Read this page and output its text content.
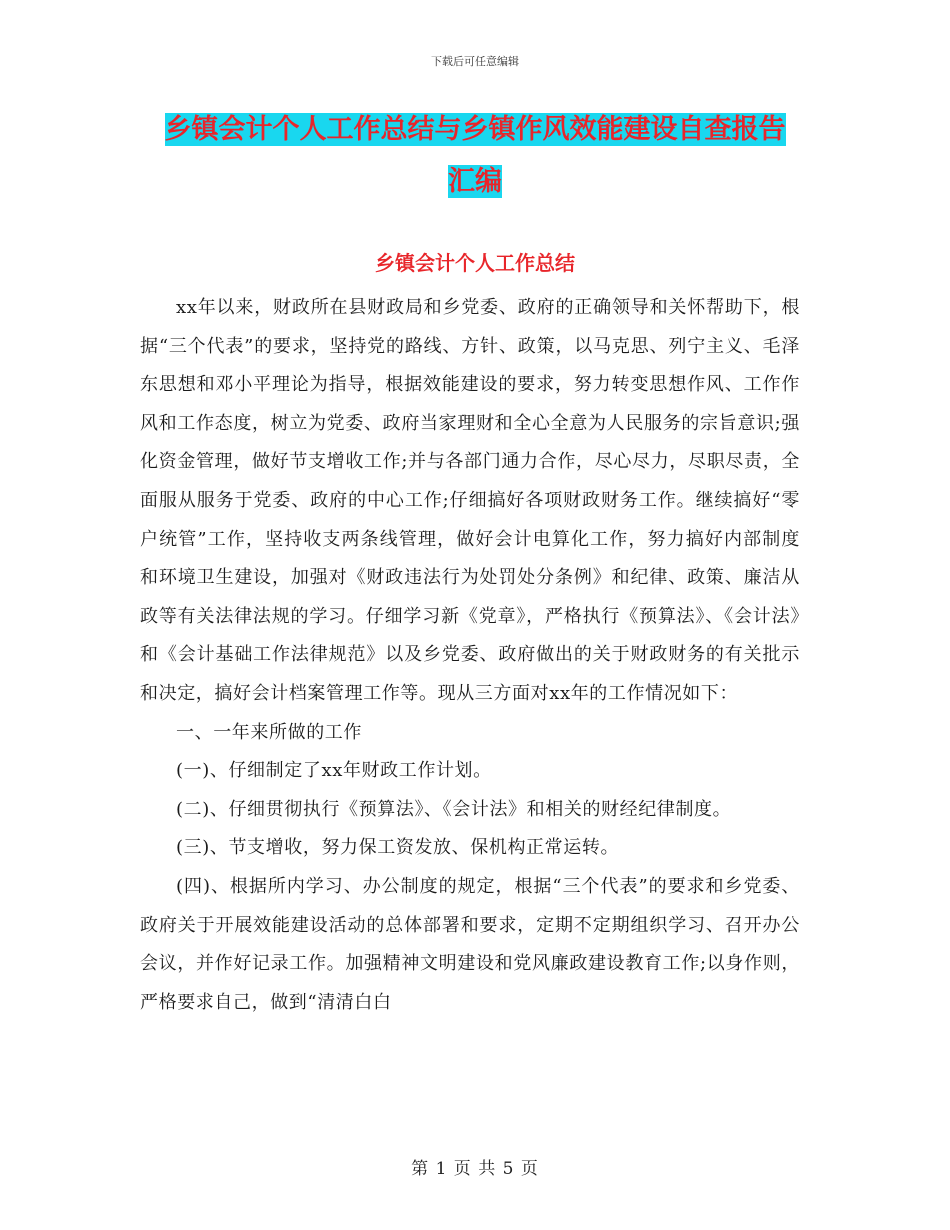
下载后可任意编辑
乡镇会计个人工作总结与乡镇作风效能建设自查报告
汇编
乡镇会计个人工作总结

xx年以来，财政所在县财政局和乡党委、政府的正确领导和关怀帮助下，根据“三个代表”的要求，坚持党的路线、方针、政策，以马克思、列宁主义、毛泽东思想和邓小平理论为指导，根据效能建设的要求，努力转变思想作风、工作作风和工作态度，树立为党委、政府当家理财和全心全意为人民服务的宗旨意识;强化资金管理，做好节支增收工作;并与各部门通力合作，尽心尽力，尽职尽责，全面服从服务于党委、政府的中心工作;仔细搞好各项财政财务工作。继续搞好“零户统管”工作，坚持收支两条线管理，做好会计电算化工作，努力搞好内部制度和环境卫生建设，加强对《财政违法行为处罚处分条例》和纪律、政策、廉洁从政等有关法律法规的学习。仔细学习新《党章》，严格执行《预算法》、《会计法》和《会计基础工作法律规范》以及乡党委、政府做出的关于财政财务的有关批示和决定，搞好会计档案管理工作等。现从三方面对xx年的工作情况如下：

一、一年来所做的工作

(一)、仔细制定了xx年财政工作计划。

(二)、仔细贯彻执行《预算法》、《会计法》和相关的财经纪律制度。

(三)、节支增收，努力保工资发放、保机构正常运转。

(四)、根据所内学习、办公制度的规定，根据“三个代表”的要求和乡党委、政府关于开展效能建设活动的总体部署和要求，定期不定期组织学习、召开办公会议，并作好记录工作。加强精神文明建设和党风廉政建设教育工作;以身作则，严格要求自己，做到“清清白白

第 1 页 共 5 页
